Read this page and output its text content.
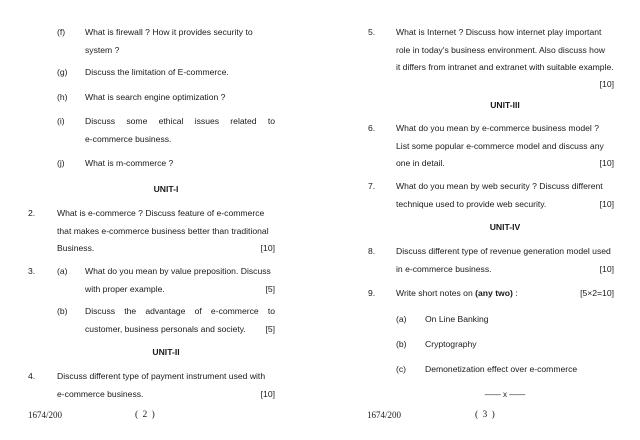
(f) What is firewall ? How it provides security to
system ?
(g) Discuss the limitation of E-commerce.
(h) What is search engine optimization ?
(i) Discuss some ethical issues related to
e-commerce business.
(j) What is m-commerce ?
UNIT-I
2.	What is e-commerce ? Discuss feature of e-commerce
that makes e-commerce business better than traditional
Business.	[10]
3.	(a) What do you mean by value preposition. Discuss
with proper example.	[5]
(b) Discuss the advantage of e-commerce to
customer, business personals and society.	[5]
UNIT-II
4.	Discuss different type of payment instrument used with
e-commerce business.	[10]
1674/200	( 2 )
5. What is Internet ? Discuss how internet play important
role in today's business environment. Also discuss how
it differs from intranet and extranet with suitable example.
[10]
UNIT-III
6. What do you mean by e-commerce business model ?
List some popular e-commerce model and discuss any
one in detail.	[10]
7. What do you mean by web security ? Discuss different
technique used to provide web security.	[10]
UNIT-IV
8. Discuss different type of revenue generation model used
in e-commerce business.	[10]
9. Write short notes on (any two) :	[5×2=10]
(a) On Line Banking
(b) Cryptography
(c) Demonetization effect over e-commerce
—— x ——
1674/200	( 3 )
